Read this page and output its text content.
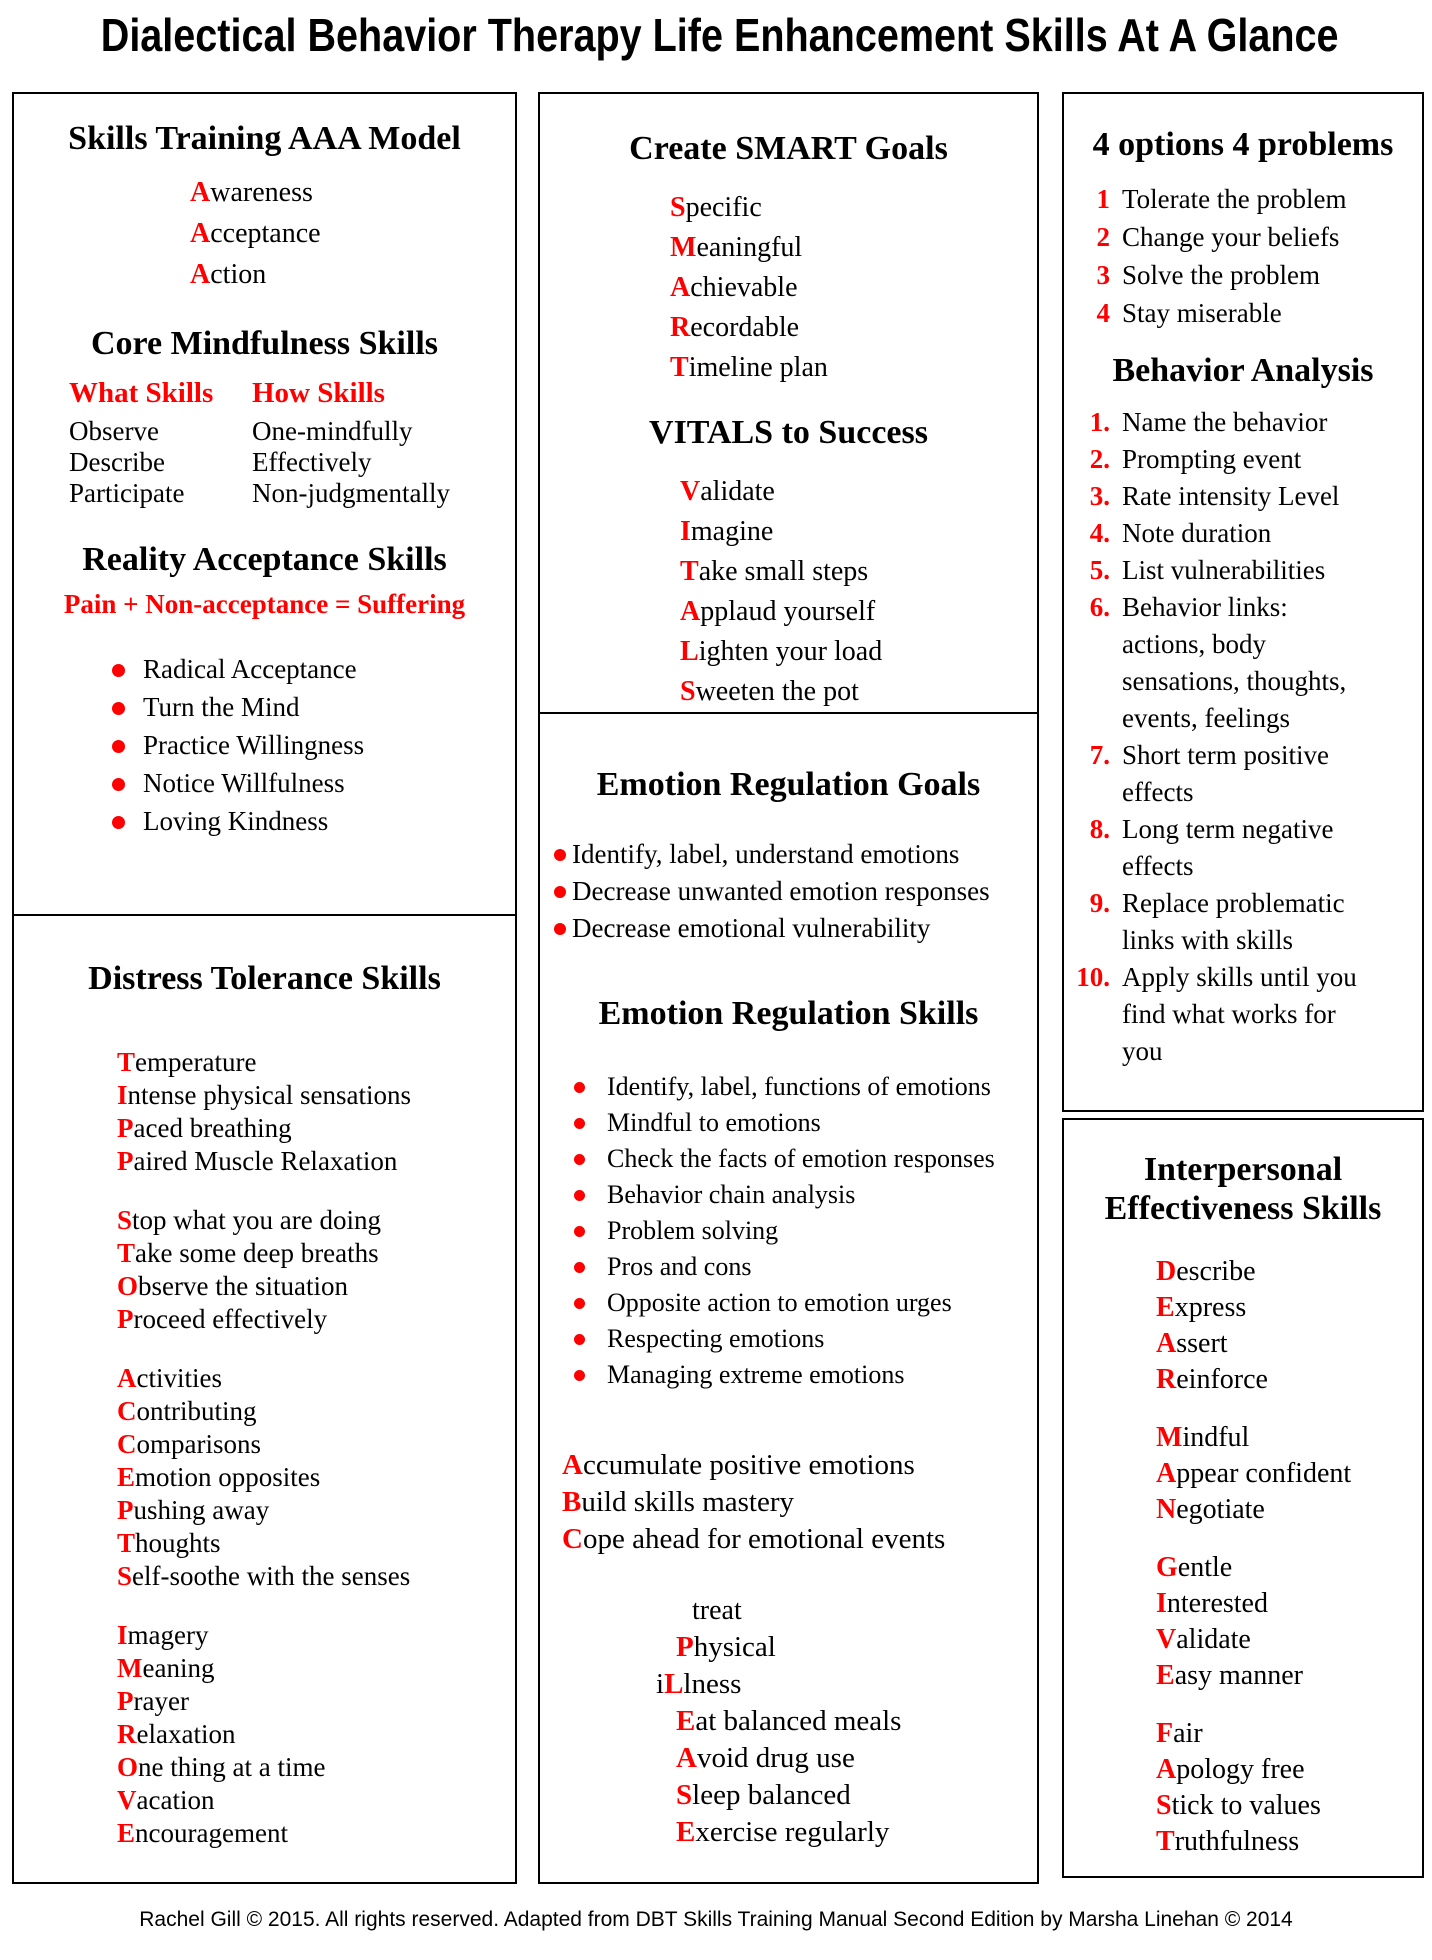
Dialectical Behavior Therapy Life Enhancement Skills At A Glance
Skills Training AAA Model
Awareness
Acceptance
Action
Core Mindfulness Skills
What Skills
Observe
Describe
Participate
How Skills
One-mindfully
Effectively
Non-judgmentally
Reality Acceptance Skills
Pain + Non-acceptance = Suffering
Radical Acceptance
Turn the Mind
Practice Willingness
Notice Willfulness
Loving Kindness
Distress Tolerance Skills
Temperature
Intense physical sensations
Paced breathing
Paired Muscle Relaxation
Stop what you are doing
Take some deep breaths
Observe the situation
Proceed effectively
Activities
Contributing
Comparisons
Emotion opposites
Pushing away
Thoughts
Self-soothe with the senses
Imagery
Meaning
Prayer
Relaxation
One thing at a time
Vacation
Encouragement
Create SMART Goals
Specific
Meaningful
Achievable
Recordable
Timeline plan
VITALS to Success
Validate
Imagine
Take small steps
Applaud yourself
Lighten your load
Sweeten the pot
Emotion Regulation Goals
Identify, label, understand emotions
Decrease unwanted emotion responses
Decrease emotional vulnerability
Emotion Regulation Skills
Identify, label, functions of emotions
Mindful to emotions
Check the facts of emotion responses
Behavior chain analysis
Problem solving
Pros and cons
Opposite action to emotion urges
Respecting emotions
Managing extreme emotions
Accumulate positive emotions
Build skills mastery
Cope ahead for emotional events
treat
Physical
iLlness
Eat balanced meals
Avoid drug use
Sleep balanced
Exercise regularly
4 options 4 problems
1 Tolerate the problem
2 Change your beliefs
3 Solve the problem
4 Stay miserable
Behavior Analysis
1. Name the behavior
2. Prompting event
3. Rate intensity Level
4. Note duration
5. List vulnerabilities
6. Behavior links: actions, body sensations, thoughts, events, feelings
7. Short term positive effects
8. Long term negative effects
9. Replace problematic links with skills
10. Apply skills until you find what works for you
Interpersonal Effectiveness Skills
Describe
Express
Assert
Reinforce
Mindful
Appear confident
Negotiate
Gentle
Interested
Validate
Easy manner
Fair
Apology free
Stick to values
Truthfulness
Rachel Gill © 2015. All rights reserved. Adapted from DBT Skills Training Manual Second Edition by Marsha Linehan © 2014
